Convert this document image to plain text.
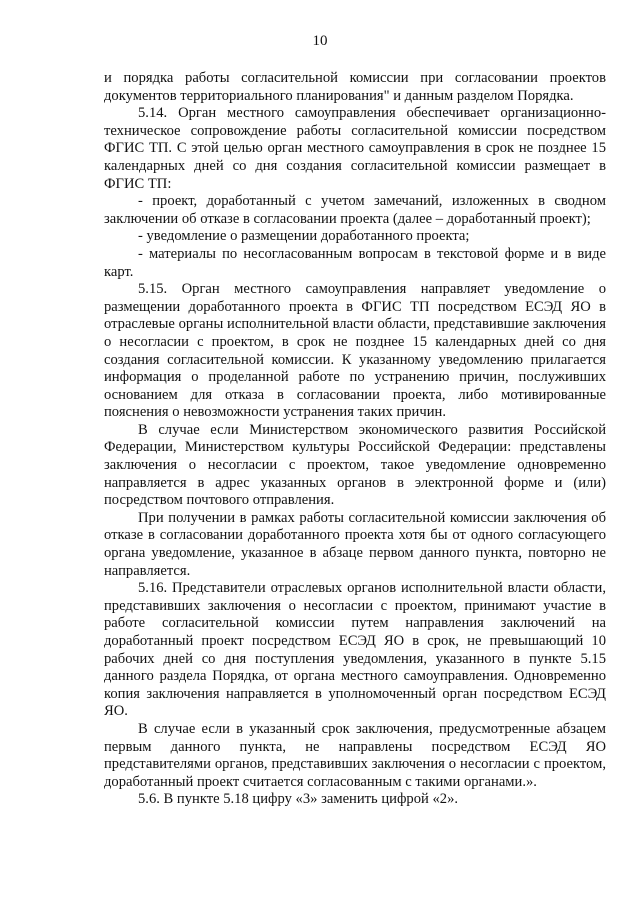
10

и порядка работы согласительной комиссии при согласовании проектов документов территориального планирования" и данным разделом Порядка.

5.14. Орган местного самоуправления обеспечивает организационно-техническое сопровождение работы согласительной комиссии посредством ФГИС ТП. С этой целью орган местного самоуправления в срок не позднее 15 календарных дней со дня создания согласительной комиссии размещает в ФГИС ТП:

- проект, доработанный с учетом замечаний, изложенных в сводном заключении об отказе в согласовании проекта (далее – доработанный проект);

- уведомление о размещении доработанного проекта;

- материалы по несогласованным вопросам в текстовой форме и в виде карт.

5.15. Орган местного самоуправления направляет уведомление о размещении доработанного проекта в ФГИС ТП посредством ЕСЭД ЯО в отраслевые органы исполнительной власти области, представившие заключения о несогласии с проектом, в срок не позднее 15 календарных дней со дня создания согласительной комиссии. К указанному уведомлению прилагается информация о проделанной работе по устранению причин, послуживших основанием для отказа в согласовании проекта, либо мотивированные пояснения о невозможности устранения таких причин.

В случае если Министерством экономического развития Российской Федерации, Министерством культуры Российской Федерации: представлены заключения о несогласии с проектом, такое уведомление одновременно направляется в адрес указанных органов в электронной форме и (или) посредством почтового отправления.

При получении в рамках работы согласительной комиссии заключения об отказе в согласовании доработанного проекта хотя бы от одного согласующего органа уведомление, указанное в абзаце первом данного пункта, повторно не направляется.

5.16. Представители отраслевых органов исполнительной власти области, представивших заключения о несогласии с проектом, принимают участие в работе согласительной комиссии путем направления заключений на доработанный проект посредством ЕСЭД ЯО в срок, не превышающий 10 рабочих дней со дня поступления уведомления, указанного в пункте 5.15 данного раздела Порядка, от органа местного самоуправления. Одновременно копия заключения направляется в уполномоченный орган посредством ЕСЭД ЯО.

В случае если в указанный срок заключения, предусмотренные абзацем первым данного пункта, не направлены посредством ЕСЭД ЯО представителями органов, представивших заключения о несогласии с проектом, доработанный проект считается согласованным с такими органами.».

5.6. В пункте 5.18 цифру «3» заменить цифрой «2».
